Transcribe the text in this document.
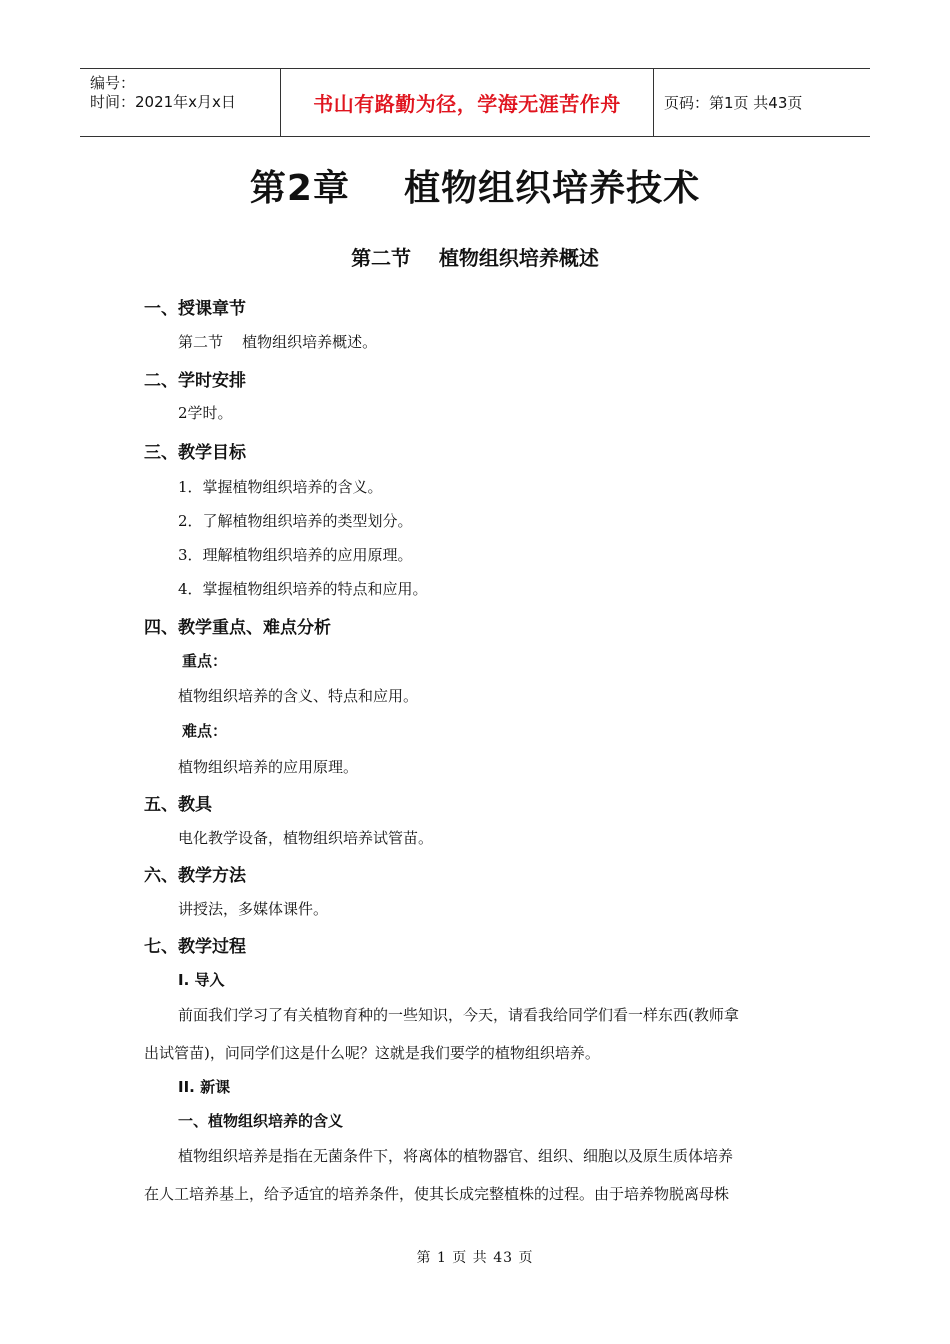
编号：
时间：2021年x月x日	书山有路勤为径，学海无涯苦作舟	页码：第1页 共43页
第2章    植物组织培养技术
第二节    植物组织培养概述
一、授课章节
第二节    植物组织培养概述。
二、学时安排
2学时。
三、教学目标
1．掌握植物组织培养的含义。
2．了解植物组织培养的类型划分。
3．理解植物组织培养的应用原理。
4．掌握植物组织培养的特点和应用。
四、教学重点、难点分析
重点：
植物组织培养的含义、特点和应用。
难点：
植物组织培养的应用原理。
五、教具
电化教学设备，植物组织培养试管苗。
六、教学方法
讲授法，多媒体课件。
七、教学过程
Ⅰ. 导入
前面我们学习了有关植物育种的一些知识，今天，请看我给同学们看一样东西(教师拿
出试管苗)，问同学们这是什么呢？这就是我们要学的植物组织培养。
II. 新课
一、植物组织培养的含义
植物组织培养是指在无菌条件下，将离体的植物器官、组织、细胞以及原生质体培养
在人工培养基上，给予适宜的培养条件，使其长成完整植株的过程。由于培养物脱离母株
第 1 页 共 43 页
